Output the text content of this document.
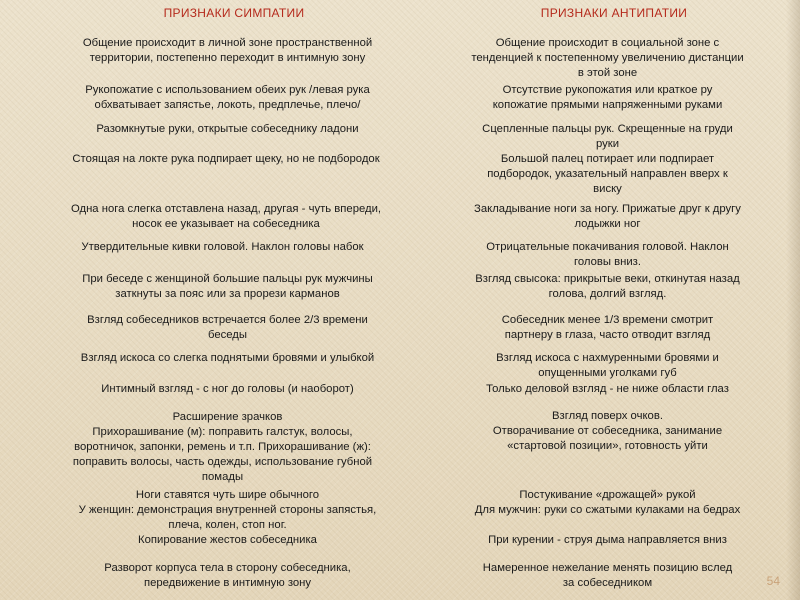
ПРИЗНАКИ СИМПАТИИ	ПРИЗНАКИ АНТИПАТИИ
Общение происходит в личной зоне пространственной
территории, постепенно переходит в интимную зону
Рукопожатие с использованием обеих рук /левая рука
обхватывает запястье, локоть, предплечье, плечо/
Разомкнутые руки, открытые собеседнику ладони
Стоящая на локте рука подпирает щеку, но не подбородок
Одна нога слегка отставлена назад, другая - чуть впереди,
носок ее указывает на собеседника
Утвердительные кивки головой. Наклон головы набок
При беседе с женщиной большие пальцы рук мужчины
заткнуты за пояс или за прорези карманов
Взгляд собеседников встречается более 2/3 времени
беседы
Взгляд искоса со слегка поднятыми бровями и улыбкой
Интимный взгляд - с ног до головы (и наоборот)
Расширение зрачков
Прихорашивание (м): поправить галстук, волосы,
воротничок, запонки, ремень и т.п. Прихорашивание (ж):
поправить волосы, часть одежды, использование губной
помады
Ноги ставятся чуть шире обычного
У женщин: демонстрация внутренней стороны запястья,
плеча, колен, стоп ног.
Копирование жестов собеседника
Разворот корпуса тела в сторону собеседника,
передвижение в интимную зону
Общение происходит в социальной зоне с
тенденцией к постепенному увеличению дистанции
в этой зоне
Отсутствие рукопожатия или краткое ру
копожатие прямыми напряженными руками
Сцепленные пальцы рук. Скрещенные на груди
руки
Большой палец потирает или подпирает
подбородок, указательный направлен вверх к
виску
Закладывание ноги за ногу. Прижатые друг к другу
лодыжки ног
Отрицательные покачивания головой. Наклон
головы вниз.
Взгляд свысока: прикрытые веки, откинутая назад
голова, долгий взгляд.
Собеседник менее 1/3 времени смотрит
партнеру в глаза, часто отводит взгляд
Взгляд искоса с нахмуренными бровями и
опущенными уголками губ
Только деловой взгляд - не ниже области глаз
Взгляд поверх очков.
Отворачивание от собеседника, занимание
«стартовой позиции», готовность уйти
Постукивание «дрожащей» рукой
Для мужчин: руки со сжатыми кулаками на бедрах
При курении - струя дыма направляется вниз
Намеренное нежелание менять позицию вслед
за собеседником	54
